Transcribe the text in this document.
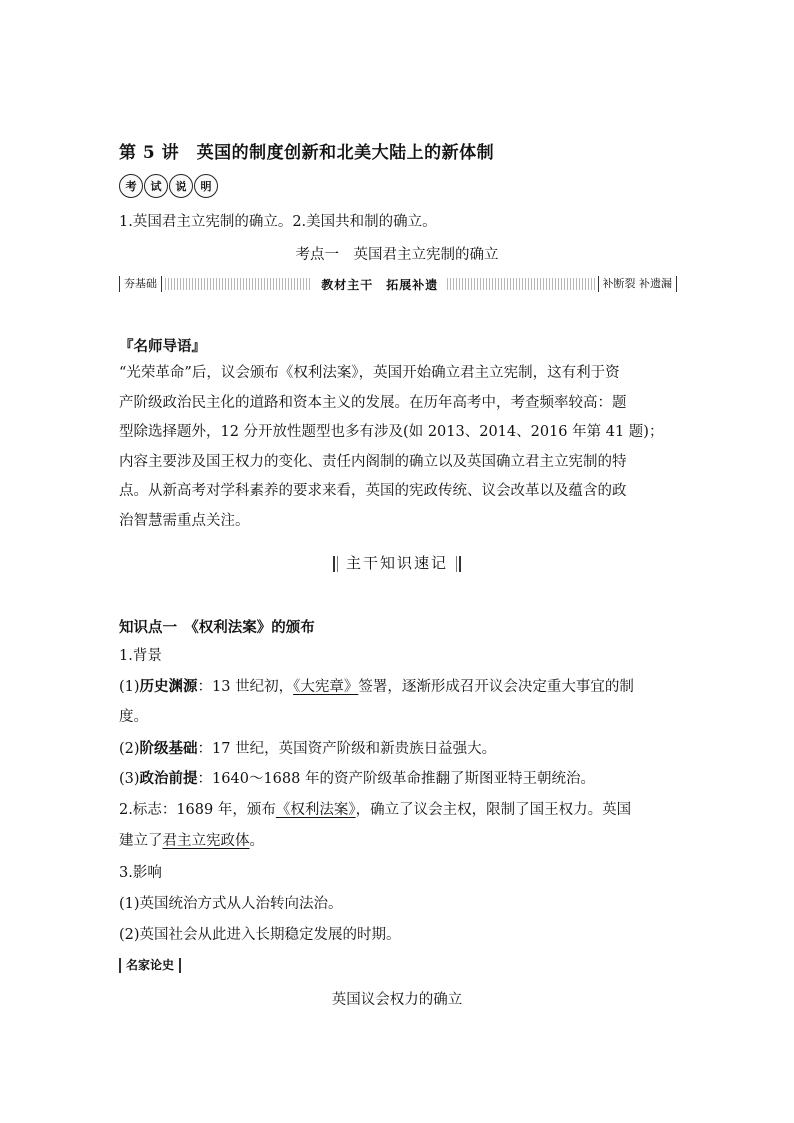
第 5 讲　英国的制度创新和北美大陆上的新体制
考	试	说	明
1.英国君主立宪制的确立。2.美国共和制的确立。
考点一　英国君主立宪制的确立
夯基础	教材主干　拓展补遗	补断裂 补遗漏
『名师导语』
“光荣革命”后，议会颁布《权利法案》，英国开始确立君主立宪制，这有利于资
产阶级政治民主化的道路和资本主义的发展。在历年高考中，考查频率较高：题
型除选择题外，12 分开放性题型也多有涉及(如 2013、2014、2016 年第 41 题)；
内容主要涉及国王权力的变化、责任内阁制的确立以及英国确立君主立宪制的特
点。从新高考对学科素养的要求来看，英国的宪政传统、议会改革以及蕴含的政
治智慧需重点关注。
主干知识速记
知识点一　《权利法案》的颁布
1.背景
(1)历史渊源：13 世纪初，《大宪章》签署，逐渐形成召开议会决定重大事宜的制
度。
(2)阶级基础：17 世纪，英国资产阶级和新贵族日益强大。
(3)政治前提：1640～1688 年的资产阶级革命推翻了斯图亚特王朝统治。
2.标志：1689 年，颁布《权利法案》，确立了议会主权，限制了国王权力。英国
建立了君主立宪政体。
3.影响
(1)英国统治方式从人治转向法治。
(2)英国社会从此进入长期稳定发展的时期。
名家论史
英国议会权力的确立
